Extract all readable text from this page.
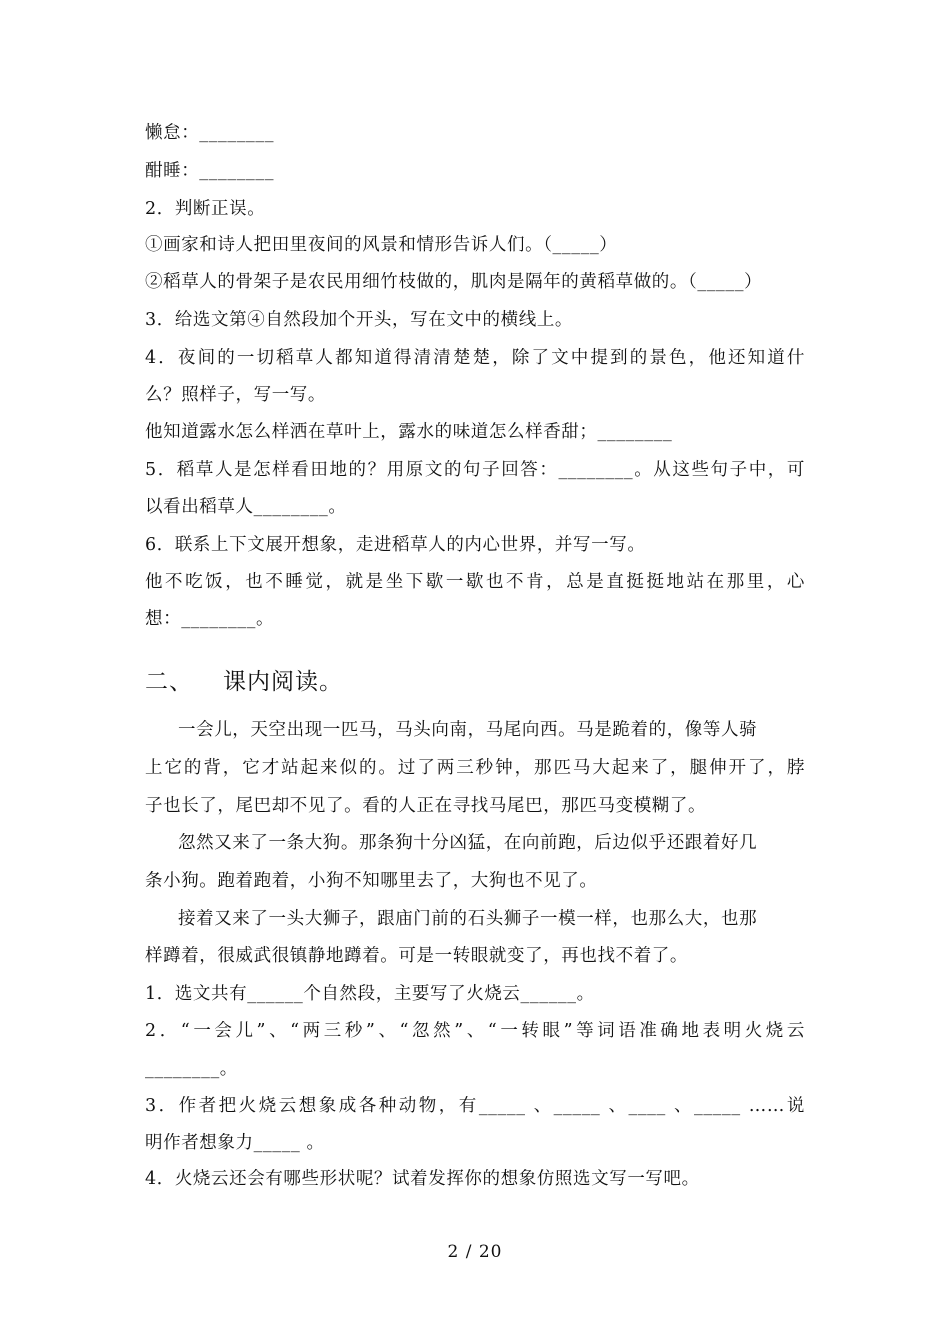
懒怠：________
酣睡：________
2．判断正误。
①画家和诗人把田里夜间的风景和情形告诉人们。（_____）
②稻草人的骨架子是农民用细竹枝做的，肌肉是隔年的黄稻草做的。（_____）
3．给选文第④自然段加个开头，写在文中的横线上。
4．夜间的一切稻草人都知道得清清楚楚，除了文中提到的景色，他还知道什
么？照样子，写一写。
他知道露水怎么样洒在草叶上，露水的味道怎么样香甜；________
5．稻草人是怎样看田地的？用原文的句子回答：________。从这些句子中，可
以看出稻草人________。
6．联系上下文展开想象，走进稻草人的内心世界，并写一写。
他不吃饭，也不睡觉，就是坐下歇一歇也不肯，总是直挺挺地站在那里，心
想：________。
二、 课内阅读。
一会儿，天空出现一匹马，马头向南，马尾向西。马是跪着的，像等人骑
上它的背，它才站起来似的。过了两三秒钟，那匹马大起来了，腿伸开了，脖
子也长了，尾巴却不见了。看的人正在寻找马尾巴，那匹马变模糊了。
忽然又来了一条大狗。那条狗十分凶猛，在向前跑，后边似乎还跟着好几
条小狗。跑着跑着，小狗不知哪里去了，大狗也不见了。
接着又来了一头大狮子，跟庙门前的石头狮子一模一样，也那么大，也那
样蹲着，很威武很镇静地蹲着。可是一转眼就变了，再也找不着了。
1．选文共有______个自然段，主要写了火烧云______。
2．“一会儿”、“两三秒”、“忽然”、“一转眼”等词语准确地表明火烧云
________。
3．作者把火烧云想象成各种动物，有_____ 、_____ 、____ 、_____ ……说
明作者想象力_____ 。
4．火烧云还会有哪些形状呢？试着发挥你的想象仿照选文写一写吧。
2 / 20
